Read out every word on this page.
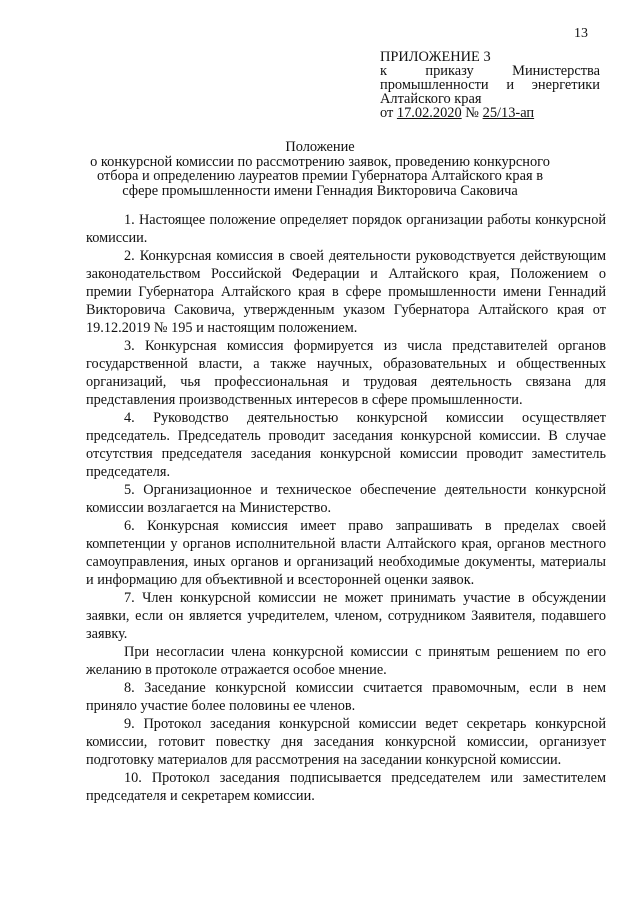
13
ПРИЛОЖЕНИЕ 3
к	приказу	Министерства
промышленности и энергетики
Алтайского края
от 17.02.2020 № 25/13-ап
Положение
о конкурсной комиссии по рассмотрению заявок, проведению конкурсного
отбора и определению лауреатов премии Губернатора Алтайского края в
сфере промышленности имени Геннадия Викторовича Саковича

1. Настоящее положение определяет порядок организации работы конкурсной комиссии.

2. Конкурсная комиссия в своей деятельности руководствуется действующим законодательством Российской Федерации и Алтайского края, Положением о премии Губернатора Алтайского края в сфере промышленности имени Геннадий Викторовича Саковича, утвержденным указом Губернатора Алтайского края от 19.12.2019 № 195 и настоящим положением.

3. Конкурсная комиссия формируется из числа представителей органов государственной власти, а также научных, образовательных и общественных организаций, чья профессиональная и трудовая деятельность связана для представления производственных интересов в сфере промышленности.

4. Руководство деятельностью конкурсной комиссии осуществляет председатель. Председатель проводит заседания конкурсной комиссии. В случае отсутствия председателя заседания конкурсной комиссии проводит заместитель председателя.

5. Организационное и техническое обеспечение деятельности конкурсной комиссии возлагается на Министерство.

6. Конкурсная комиссия имеет право запрашивать в пределах своей компетенции у органов исполнительной власти Алтайского края, органов местного самоуправления, иных органов и организаций необходимые документы, материалы и информацию для объективной и всесторонней оценки заявок.

7. Член конкурсной комиссии не может принимать участие в обсуждении заявки, если он является учредителем, членом, сотрудником Заявителя, подавшего заявку.

При несогласии члена конкурсной комиссии с принятым решением по его желанию в протоколе отражается особое мнение.

8. Заседание конкурсной комиссии считается правомочным, если в нем приняло участие более половины ее членов.

9. Протокол заседания конкурсной комиссии ведет секретарь конкурсной комиссии, готовит повестку дня заседания конкурсной комиссии, организует подготовку материалов для рассмотрения на заседании конкурсной комиссии.

10. Протокол заседания подписывается председателем или заместителем председателя и секретарем комиссии.
